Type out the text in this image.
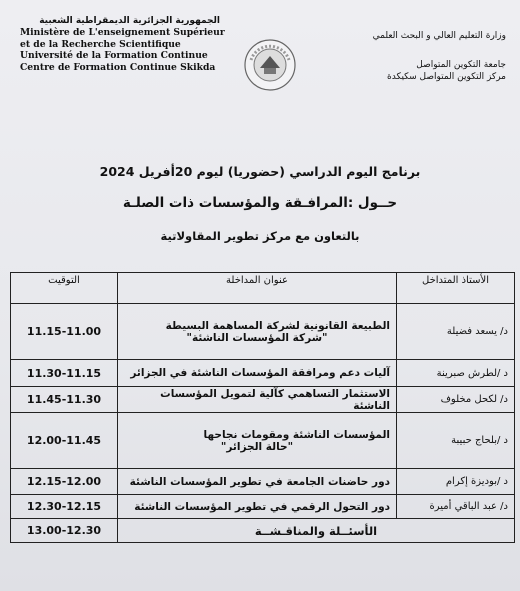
الجمهورية الجزائرية الديمقراطية الشعبية
Ministère de L'enseignement Supérieur
et de la Recherche Scientifique
Université de la Formation Continue
Centre de Formation Continue Skikda
وزارة التعليم العالي و البحث العلمي
جامعة التكوين المتواصل
مركز التكوين المتواصل سكيكدة
برنامج اليوم الدراسي (حضوريا) ليوم 20أفريل 2024
حــول :المرافـقة والمؤسسات ذات الصلـة
بالتعاون مع مركز تطوير المقاولاتية
التوقيت	عنوان المداخلة	الأستاذ المتداخل
11.15-11.00	الطبيعة القانونية لشركة المساهمة البسيطة
"شركة المؤسسات الناشئة"	د/ يسعد فضيلة
11.30-11.15	آليات دعم ومرافقة المؤسسات الناشئة في الجزائر	د /لطرش صبرينة
11.45-11.30	الاستثمار التساهمي كآلية لتمويل المؤسسات الناشئة	د/ لكحل مخلوف
12.00-11.45	المؤسسات الناشئة ومقومات نجاحها
"حالة الجزائر"	د /بلحاج حبيبة
12.15-12.00	دور حاضنات الجامعة في تطوير المؤسسات الناشئة	د /بوديزة إكرام
12.30-12.15	دور التحول الرقمي في تطوير المؤسسات الناشئة	د/ عبد الباقي أميرة
13.00-12.30	الأسئــلة والمناقـشــة	
